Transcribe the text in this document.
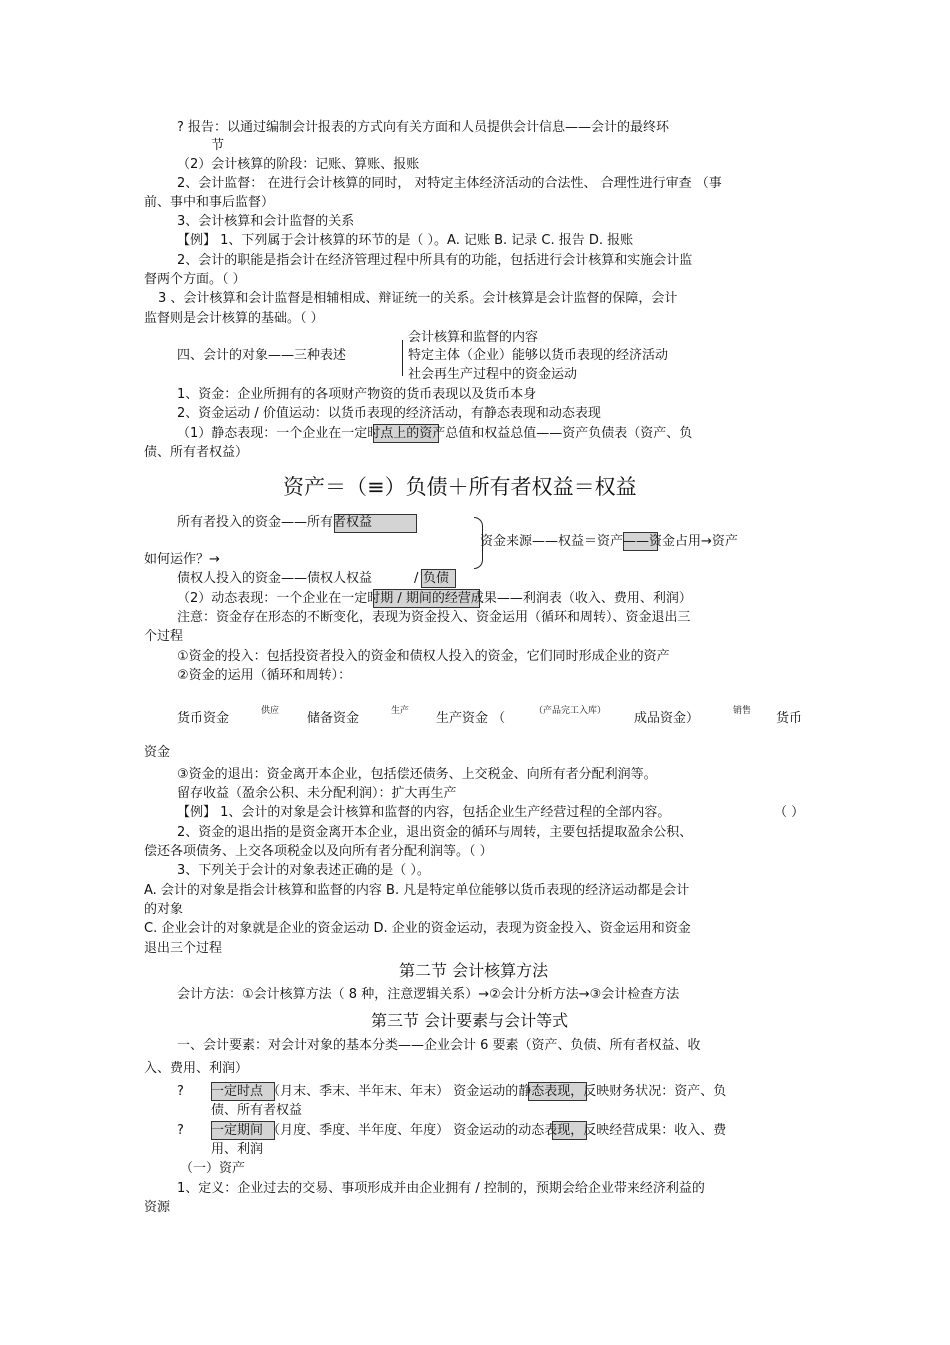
? 报告：以通过编制会计报表的方式向有关方面和人员提供会计信息——会计的最终环
节
（2）会计核算的阶段：记账、算账、报账
2、会计监督： 在进行会计核算的同时， 对特定主体经济活动的合法性、 合理性进行审查 （事
前、事中和事后监督）
3、会计核算和会计监督的关系
【例】 1、下列属于会计核算的环节的是（ ）。A. 记账 B. 记录 C. 报告 D. 报账
2、会计的职能是指会计在经济管理过程中所具有的功能，包括进行会计核算和实施会计监
督两个方面。（ ）
3 、会计核算和会计监督是相辅相成、辩证统一的关系。会计核算是会计监督的保障，会计
监督则是会计核算的基础。（ ）
会计核算和监督的内容
四、会计的对象——三种表述	特定主体（企业）能够以货币表现的经济活动
社会再生产过程中的资金运动
1、资金：企业所拥有的各项财产物资的货币表现以及货币本身
2、资金运动 / 价值运动：以货币表现的经济活动，有静态表现和动态表现
（1）静态表现：一个企业在一定时点上的资产总值和权益总值——资产负债表（资产、负
债、所有者权益）
资产＝（≡）负债＋所有者权益＝权益
所有者投入的资金——所有者权益
资金来源——权益＝资产——资金占用→资产
如何运作？→
债权人投入的资金——债权人权益	/ 负债
（2）动态表现：一个企业在一定时期 / 期间的经营成果——利润表（收入、费用、利润）
注意：资金存在形态的不断变化，表现为资金投入、资金运用（循环和周转）、资金退出三
个过程
①资金的投入：包括投资者投入的资金和债权人投入的资金，它们同时形成企业的资产
②资金的运用（循环和周转）：
货币资金	供应 储备资金	生产 生产资金 （	（产品完工入库） 成品资金）	销售 货币
资金
③资金的退出：资金离开本企业，包括偿还债务、上交税金、向所有者分配利润等。
留存收益（盈余公积、未分配利润）：扩大再生产
【例】 1、会计的对象是会计核算和监督的内容，包括企业生产经营过程的全部内容。	（ ）
2、资金的退出指的是资金离开本企业，退出资金的循环与周转，主要包括提取盈余公积、
偿还各项债务、上交各项税金以及向所有者分配利润等。（ ）
3、下列关于会计的对象表述正确的是（ ）。
A. 会计的对象是指会计核算和监督的内容 B. 凡是特定单位能够以货币表现的经济运动都是会计
的对象
C. 企业会计的对象就是企业的资金运动 D. 企业的资金运动，表现为资金投入、资金运用和资金
退出三个过程
第二节 会计核算方法
会计方法：①会计核算方法（ 8 种，注意逻辑关系）→②会计分析方法→③会计检查方法
第三节 会计要素与会计等式
一、会计要素：对会计对象的基本分类——企业会计 6 要素（资产、负债、所有者权益、收
入、费用、利润）
? 一定时点 （月末、季末、半年末、年末） 资金运动的静态表现，反映财务状况：资产、负
债、所有者权益
? 一定期间 （月度、季度、半年度、年度） 资金运动的动态表现，反映经营成果：收入、费
用、利润
（一）资产
1、定义：企业过去的交易、事项形成并由企业拥有 / 控制的，预期会给企业带来经济利益的
资源
